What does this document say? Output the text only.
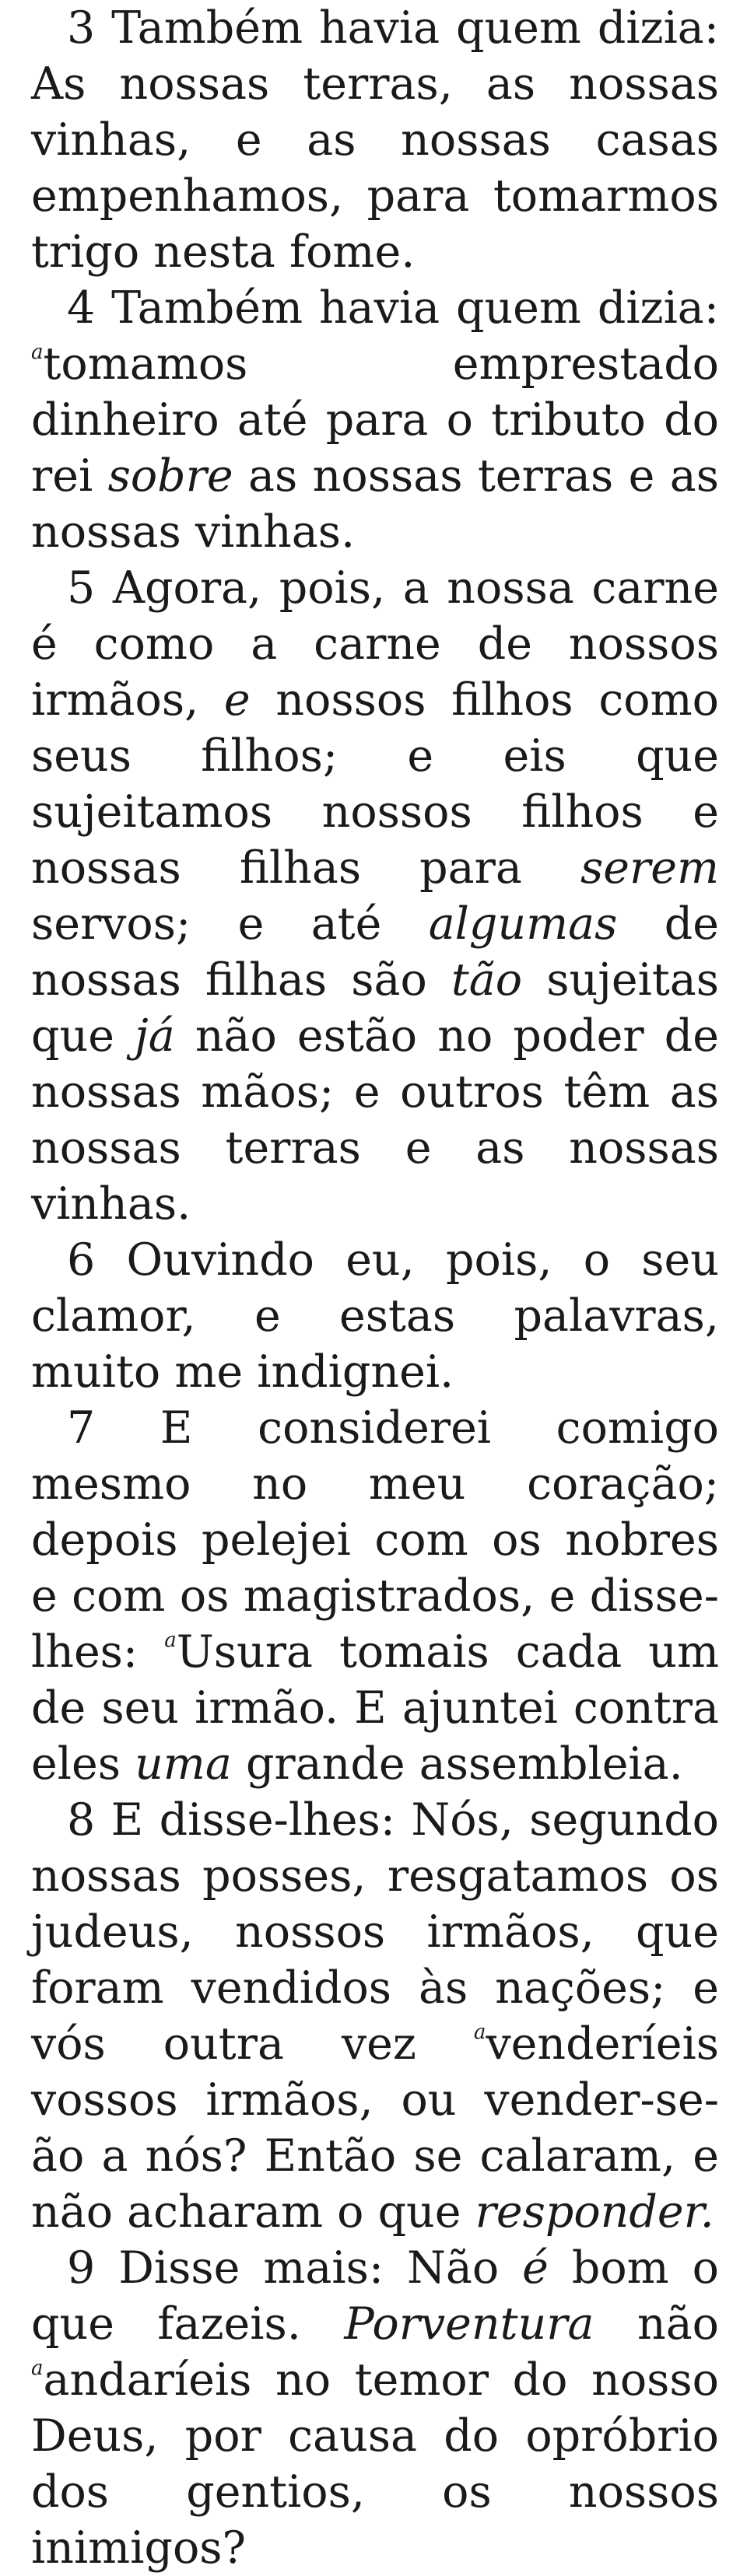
3 Também havia quem dizia: As nossas terras, as nossas vinhas, e as nossas casas empenhamos, para tomarmos trigo nesta fome.

4 Também havia quem dizia: $^a$tomamos emprestado dinheiro até para o tributo do rei sobre as nossas terras e as nossas vinhas.

5 Agora, pois, a nossa carne é como a carne de nossos irmãos, e nossos filhos como seus filhos; e eis que sujeitamos nossos filhos e nossas filhas para serem servos; e até algumas de nossas filhas são tão sujeitas que já não estão no poder de nossas mãos; e outros têm as nossas terras e as nossas vinhas.

6 Ouvindo eu, pois, o seu clamor, e estas palavras, muito me indignei.

7 E considerei comigo mesmo no meu coração; depois pelejei com os nobres e com os magistrados, e disse-lhes: $^a$Usura tomais cada um de seu irmão. E ajuntei contra eles uma grande assembleia.

8 E disse-lhes: Nós, segundo nossas posses, resgatamos os judeus, nossos irmãos, que foram vendidos às nações; e vós outra vez $^a$venderíeis vossos irmãos, ou vender-se-ão a nós? Então se calaram, e não acharam o que responder.

9 Disse mais: Não é bom o que fazeis. Porventura não $^a$andaríeis no temor do nosso Deus, por causa do opróbrio dos gentios, os nossos inimigos?
